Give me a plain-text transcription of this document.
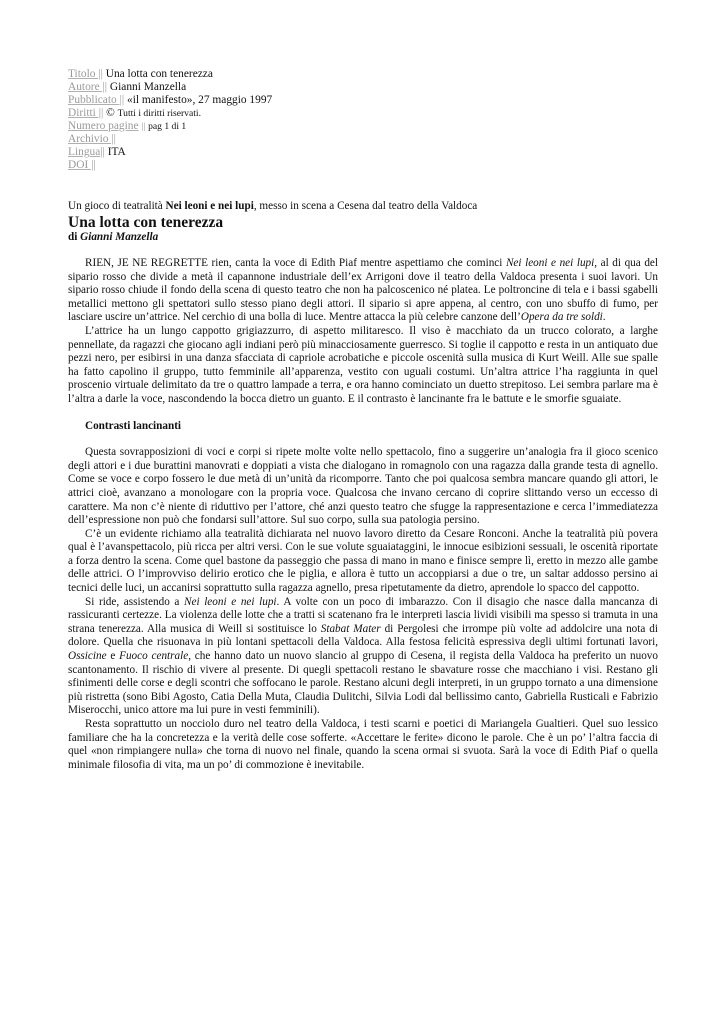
Titolo || Una lotta con tenerezza
Autore || Gianni Manzella
Pubblicato || «il manifesto», 27 maggio 1997
Diritti || © Tutti i diritti riservati.
Numero pagine || pag 1 di 1
Archivio ||
Lingua|| ITA
DOI ||
Un gioco di teatralità Nei leoni e nei lupi, messo in scena a Cesena dal teatro della Valdoca
Una lotta con tenerezza
di Gianni Manzella

RIEN, JE NE REGRETTE rien, canta la voce di Edith Piaf mentre aspettiamo che cominci Nei leoni e nei lupi, al di qua del sipario rosso che divide a metà il capannone industriale dell’ex Arrigoni dove il teatro della Valdoca presenta i suoi lavori. Un sipario rosso chiude il fondo della scena di questo teatro che non ha palcoscenico né platea. Le poltroncine di tela e i bassi sgabelli metallici mettono gli spettatori sullo stesso piano degli attori. Il sipario si apre appena, al centro, con uno sbuffo di fumo, per lasciare uscire un’attrice. Nel cerchio di una bolla di luce. Mentre attacca la più celebre canzone dell’Opera da tre soldi.

L’attrice ha un lungo cappotto grigiazzurro, di aspetto militaresco. Il viso è macchiato da un trucco colorato, a larghe pennellate, da ragazzi che giocano agli indiani però più minacciosamente guerresco. Si toglie il cappotto e resta in un antiquato due pezzi nero, per esibirsi in una danza sfacciata di capriole acrobatiche e piccole oscenità sulla musica di Kurt Weill. Alle sue spalle ha fatto capolino il gruppo, tutto femminile all’apparenza, vestito con uguali costumi. Un’altra attrice l’ha raggiunta in quel proscenio virtuale delimitato da tre o quattro lampade a terra, e ora hanno cominciato un duetto strepitoso. Lei sembra parlare ma è l’altra a darle la voce, nascondendo la bocca dietro un guanto. E il contrasto è lancinante fra le battute e le smorfie sguaiate.

Contrasti lancinanti

Questa sovrapposizioni di voci e corpi si ripete molte volte nello spettacolo, fino a suggerire un’analogia fra il gioco scenico degli attori e i due burattini manovrati e doppiati a vista che dialogano in romagnolo con una ragazza dalla grande testa di agnello. Come se voce e corpo fossero le due metà di un’unità da ricomporre. Tanto che poi qualcosa sembra mancare quando gli attori, le attrici cioè, avanzano a monologare con la propria voce. Qualcosa che invano cercano di coprire slittando verso un eccesso di carattere. Ma non c’è niente di riduttivo per l’attore, ché anzi questo teatro che sfugge la rappresentazione e cerca l’immediatezza dell’espressione non può che fondarsi sull’attore. Sul suo corpo, sulla sua patologia persino.

C’è un evidente richiamo alla teatralità dichiarata nel nuovo lavoro diretto da Cesare Ronconi. Anche la teatralità più povera qual è l’avanspettacolo, più ricca per altri versi. Con le sue volute sguaiataggini, le innocue esibizioni sessuali, le oscenità riportate a forza dentro la scena. Come quel bastone da passeggio che passa di mano in mano e finisce sempre lì, eretto in mezzo alle gambe delle attrici. O l’improvviso delirio erotico che le piglia, e allora è tutto un accoppiarsi a due o tre, un saltar addosso persino ai tecnici delle luci, un accanirsi soprattutto sulla ragazza agnello, presa ripetutamente da dietro, aprendole lo spacco del cappotto.

Si ride, assistendo a Nei leoni e nei lupi. A volte con un poco di imbarazzo. Con il disagio che nasce dalla mancanza di rassicuranti certezze. La violenza delle lotte che a tratti si scatenano fra le interpreti lascia lividi visibili ma spesso si tramuta in una strana tenerezza. Alla musica di Weill si sostituisce lo Stabat Mater di Pergolesi che irrompe più volte ad addolcire una nota di dolore. Quella che risuonava in più lontani spettacoli della Valdoca. Alla festosa felicità espressiva degli ultimi fortunati lavori, Ossicine e Fuoco centrale, che hanno dato un nuovo slancio al gruppo di Cesena, il regista della Valdoca ha preferito un nuovo scantonamento. Il rischio di vivere al presente. Di quegli spettacoli restano le sbavature rosse che macchiano i visi. Restano gli sfinimenti delle corse e degli scontri che soffocano le parole. Restano alcuni degli interpreti, in un gruppo tornato a una dimensione più ristretta (sono Bibi Agosto, Catia Della Muta, Claudia Dulitchi, Silvia Lodi dal bellissimo canto, Gabriella Rusticali e Fabrizio Miserocchi, unico attore ma lui pure in vesti femminili).

Resta soprattutto un nocciolo duro nel teatro della Valdoca, i testi scarni e poetici di Mariangela Gualtieri. Quel suo lessico familiare che ha la concretezza e la verità delle cose sofferte. «Accettare le ferite» dicono le parole. Che è un po’ l’altra faccia di quel «non rimpiangere nulla» che torna di nuovo nel finale, quando la scena ormai si svuota. Sarà la voce di Edith Piaf o quella minimale filosofia di vita, ma un po’ di commozione è inevitabile.
